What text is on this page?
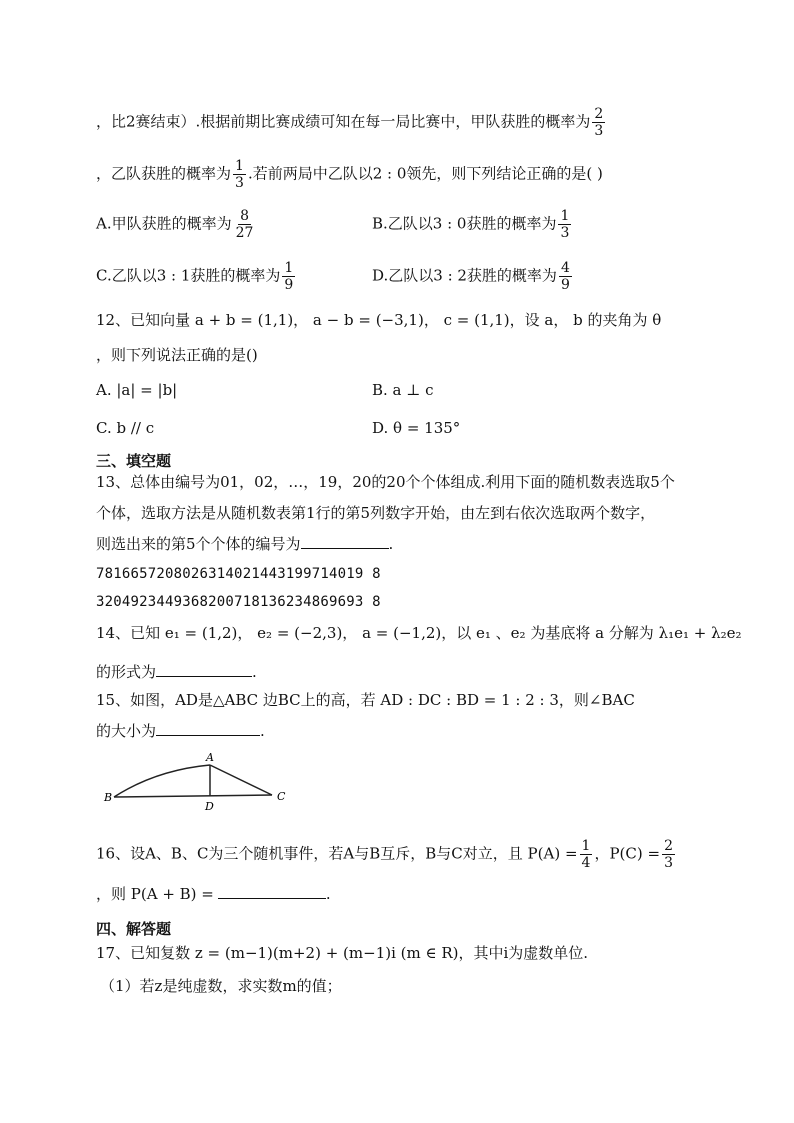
，比2赛结束）.根据前期比赛成绩可知在每一局比赛中，甲队获胜的概率为 $\frac{2}{3}$
，乙队获胜的概率为 $\frac{1}{3}$ .若前两局中乙队以2 : 0领先，则下列结论正确的是( )
A.甲队获胜的概率为 $\frac{8}{27}$	B.乙队以3 : 0获胜的概率为 $\frac{1}{3}$
C.乙队以3 : 1获胜的概率为 $\frac{1}{9}$	D.乙队以3 : 2获胜的概率为 $\frac{4}{9}$
12、已知向量 a + b = (1,1)， a − b = (−3,1)， c = (1,1)，设 a， b 的夹角为 θ
，则下列说法正确的是()
A. |a| = |b|	B. a ⊥ c
C. b // c	D. θ = 135°
三、填空题
13、总体由编号为01，02，…，19，20的20个个体组成.利用下面的随机数表选取5个
个体，选取方法是从随机数表第1行的第5列数字开始，由左到右依次选取两个数字，
则选出来的第5个个体的编号为	.
7816657208026314021443199714019 8
3204923449368200718136234869693 8
14、已知 e₁ = (1,2)， e₂ = (−2,3)， a = (−1,2)，以 e₁ 、e₂ 为基底将 a 分解为 λ₁e₁ + λ₂e₂
的形式为	.
15、如图，AD是△ABC 边BC上的高，若 AD : DC : BD = 1 : 2 : 3，则∠BAC
的大小为	.
A
B	C
D
16、设A、B、C为三个随机事件，若A与B互斥，B与C对立，且 $P(A) = \frac{1}{4}$ ，$P(C) = \frac{2}{3}$
，则 P(A + B) =	.
四、解答题
17、已知复数 z = (m−1)(m+2) + (m−1)i (m ∈ R)，其中i为虚数单位.
（1）若z是纯虚数，求实数m的值；
